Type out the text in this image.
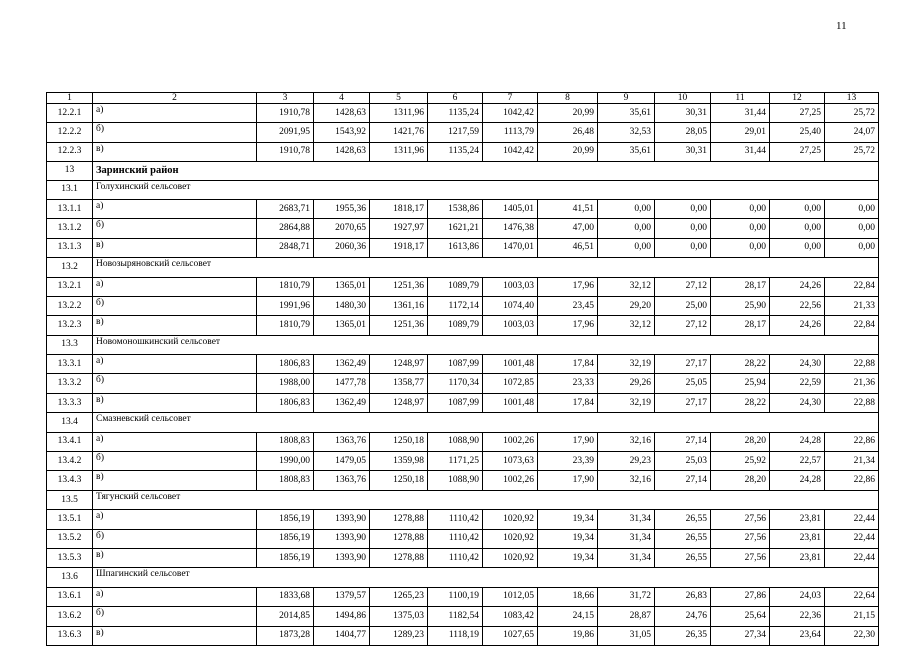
11
1	2	3	4	5	6	7	8	9	10	11	12	13
12.2.1	а)	1910,78	1428,63	1311,96	1135,24	1042,42	20,99	35,61	30,31	31,44	27,25	25,72
12.2.2	б)	2091,95	1543,92	1421,76	1217,59	1113,79	26,48	32,53	28,05	29,01	25,40	24,07
12.2.3	в)	1910,78	1428,63	1311,96	1135,24	1042,42	20,99	35,61	30,31	31,44	27,25	25,72
13	Заринский район											
13.1	Голухинский сельсовет											
13.1.1	а)	2683,71	1955,36	1818,17	1538,86	1405,01	41,51	0,00	0,00	0,00	0,00	0,00
13.1.2	б)	2864,88	2070,65	1927,97	1621,21	1476,38	47,00	0,00	0,00	0,00	0,00	0,00
13.1.3	в)	2848,71	2060,36	1918,17	1613,86	1470,01	46,51	0,00	0,00	0,00	0,00	0,00
13.2	Новозыряновский сельсовет											
13.2.1	а)	1810,79	1365,01	1251,36	1089,79	1003,03	17,96	32,12	27,12	28,17	24,26	22,84
13.2.2	б)	1991,96	1480,30	1361,16	1172,14	1074,40	23,45	29,20	25,00	25,90	22,56	21,33
13.2.3	в)	1810,79	1365,01	1251,36	1089,79	1003,03	17,96	32,12	27,12	28,17	24,26	22,84
13.3	Новомоношкинский сельсовет											
13.3.1	а)	1806,83	1362,49	1248,97	1087,99	1001,48	17,84	32,19	27,17	28,22	24,30	22,88
13.3.2	б)	1988,00	1477,78	1358,77	1170,34	1072,85	23,33	29,26	25,05	25,94	22,59	21,36
13.3.3	в)	1806,83	1362,49	1248,97	1087,99	1001,48	17,84	32,19	27,17	28,22	24,30	22,88
13.4	Смазневский сельсовет											
13.4.1	а)	1808,83	1363,76	1250,18	1088,90	1002,26	17,90	32,16	27,14	28,20	24,28	22,86
13.4.2	б)	1990,00	1479,05	1359,98	1171,25	1073,63	23,39	29,23	25,03	25,92	22,57	21,34
13.4.3	в)	1808,83	1363,76	1250,18	1088,90	1002,26	17,90	32,16	27,14	28,20	24,28	22,86
13.5	Тягунский сельсовет											
13.5.1	а)	1856,19	1393,90	1278,88	1110,42	1020,92	19,34	31,34	26,55	27,56	23,81	22,44
13.5.2	б)	1856,19	1393,90	1278,88	1110,42	1020,92	19,34	31,34	26,55	27,56	23,81	22,44
13.5.3	в)	1856,19	1393,90	1278,88	1110,42	1020,92	19,34	31,34	26,55	27,56	23,81	22,44
13.6	Шпагинский сельсовет											
13.6.1	а)	1833,68	1379,57	1265,23	1100,19	1012,05	18,66	31,72	26,83	27,86	24,03	22,64
13.6.2	б)	2014,85	1494,86	1375,03	1182,54	1083,42	24,15	28,87	24,76	25,64	22,36	21,15
13.6.3	в)	1873,28	1404,77	1289,23	1118,19	1027,65	19,86	31,05	26,35	27,34	23,64	22,30
